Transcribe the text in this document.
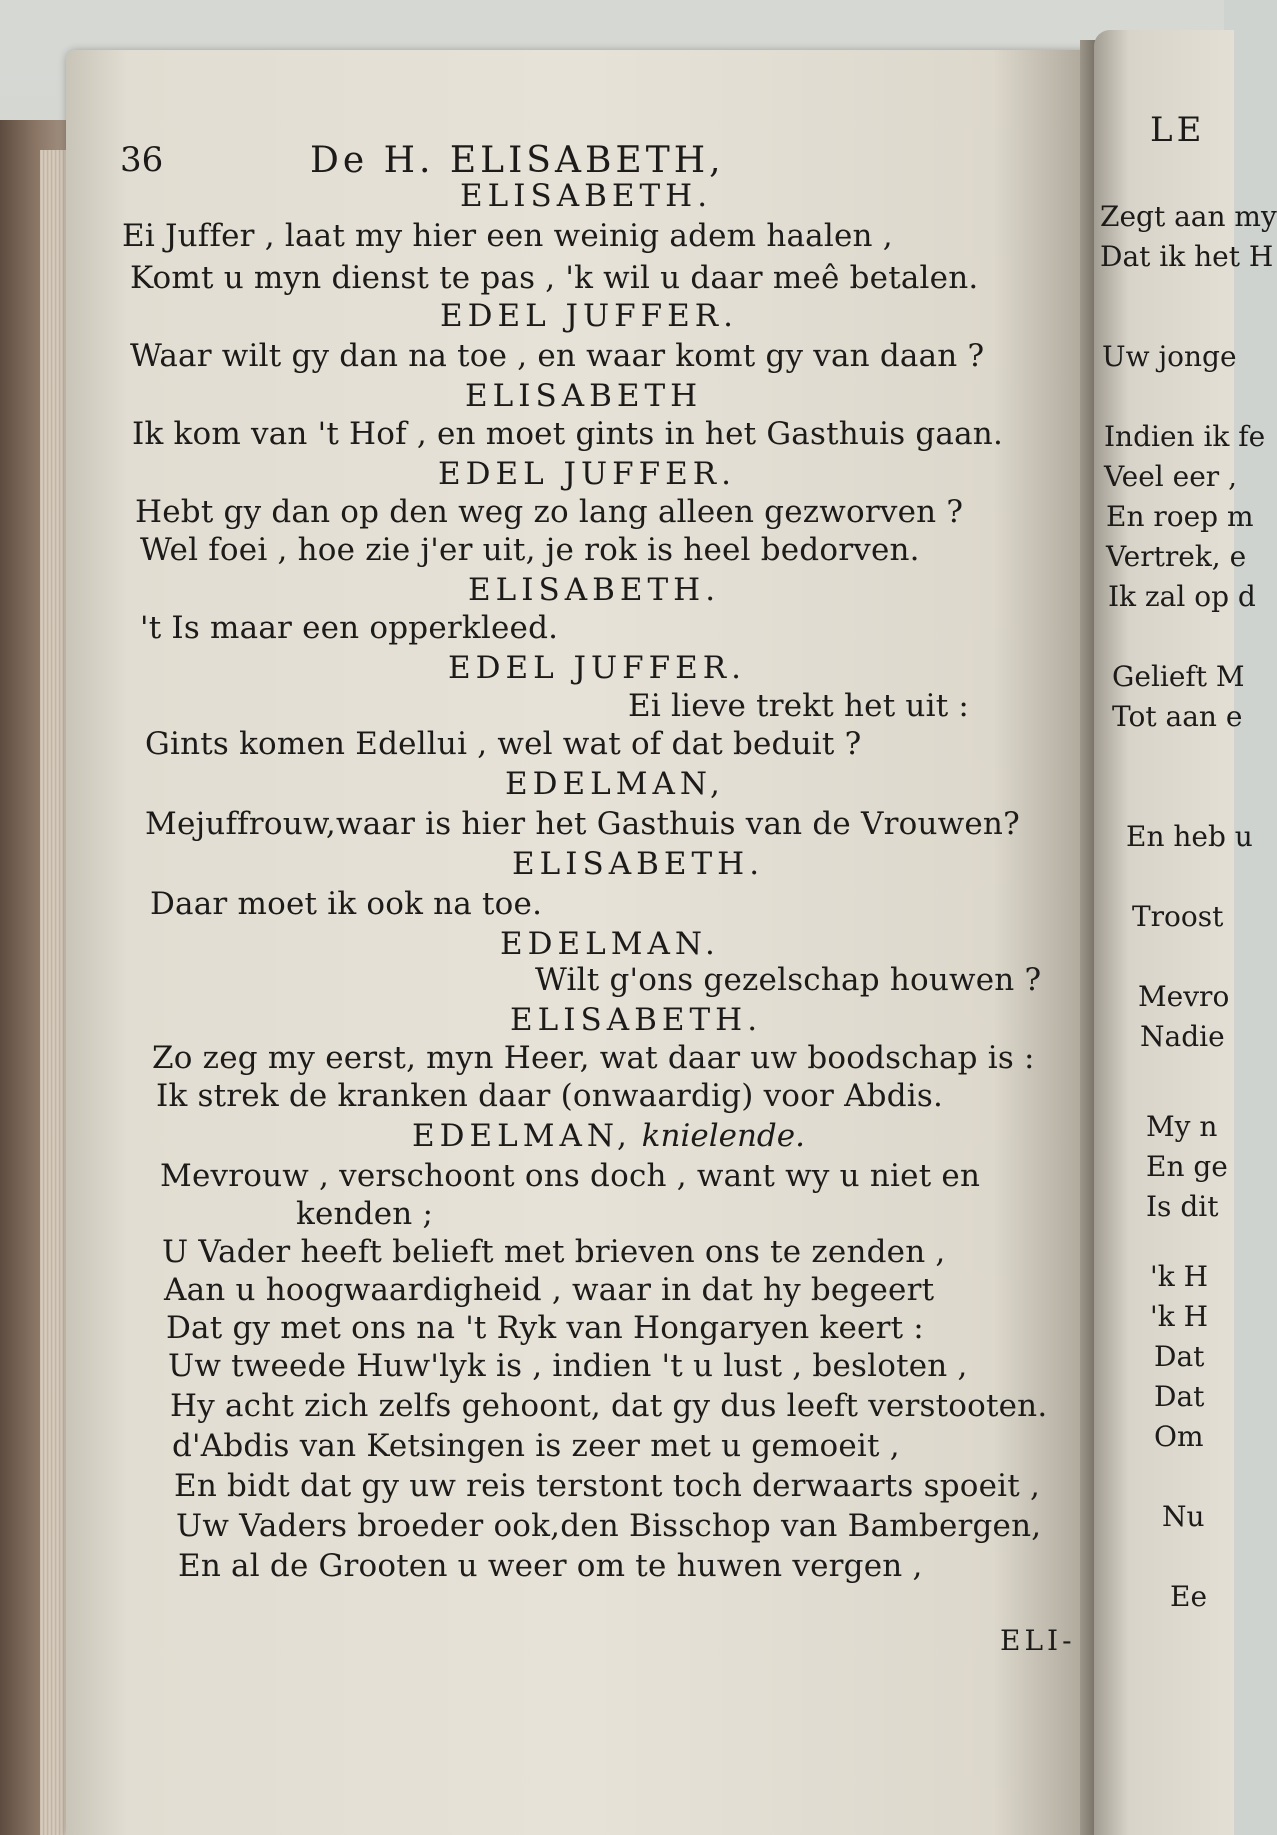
36	De H. ELISABETH,
ELISABETH.
Ei Juffer , laat my hier een weinig adem haalen ,
Komt u myn dienst te pas , 'k wil u daar meê betalen.
EDEL JUFFER.
Waar wilt gy dan na toe , en waar komt gy van daan ?
ELISABETH
Ik kom van 't Hof , en moet gints in het Gasthuis gaan.
EDEL JUFFER.
Hebt gy dan op den weg zo lang alleen gezworven ?
Wel foei , hoe zie j'er uit, je rok is heel bedorven.
ELISABETH.
't Is maar een opperkleed.
EDEL JUFFER.
Ei lieve trekt het uit :
Gints komen Edellui , wel wat of dat beduit ?
EDELMAN,
Mejuffrouw,waar is hier het Gasthuis van de Vrouwen?
ELISABETH.
Daar moet ik ook na toe.
EDELMAN.
Wilt g'ons gezelschap houwen ?
ELISABETH.
Zo zeg my eerst, myn Heer, wat daar uw boodschap is :
Ik strek de kranken daar (onwaardig) voor Abdis.
EDELMAN, knielende.
Mevrouw , verschoont ons doch , want wy u niet en
kenden ;
U Vader heeft belieft met brieven ons te zenden ,
Aan u hoogwaardigheid , waar in dat hy begeert
Dat gy met ons na 't Ryk van Hongaryen keert :
Uw tweede Huw'lyk is , indien 't u lust , besloten ,
Hy acht zich zelfs gehoont, dat gy dus leeft verstooten.
d'Abdis van Ketsingen is zeer met u gemoeit ,
En bidt dat gy uw reis terstont toch derwaarts spoeit ,
Uw Vaders broeder ook,den Bisschop van Bambergen,
En al de Grooten u weer om te huwen vergen ,
ELI-
LE
Zegt aan my
Dat ik het H
Uw jonge
Indien ik fe
Veel eer ,
En roep m
Vertrek, e
Ik zal op d
Gelieft M
Tot aan e
En heb u
Troost
Mevro
Nadie
My n
En ge
Is dit
'k H
'k H
Dat
Dat
Om
Nu
Ee
